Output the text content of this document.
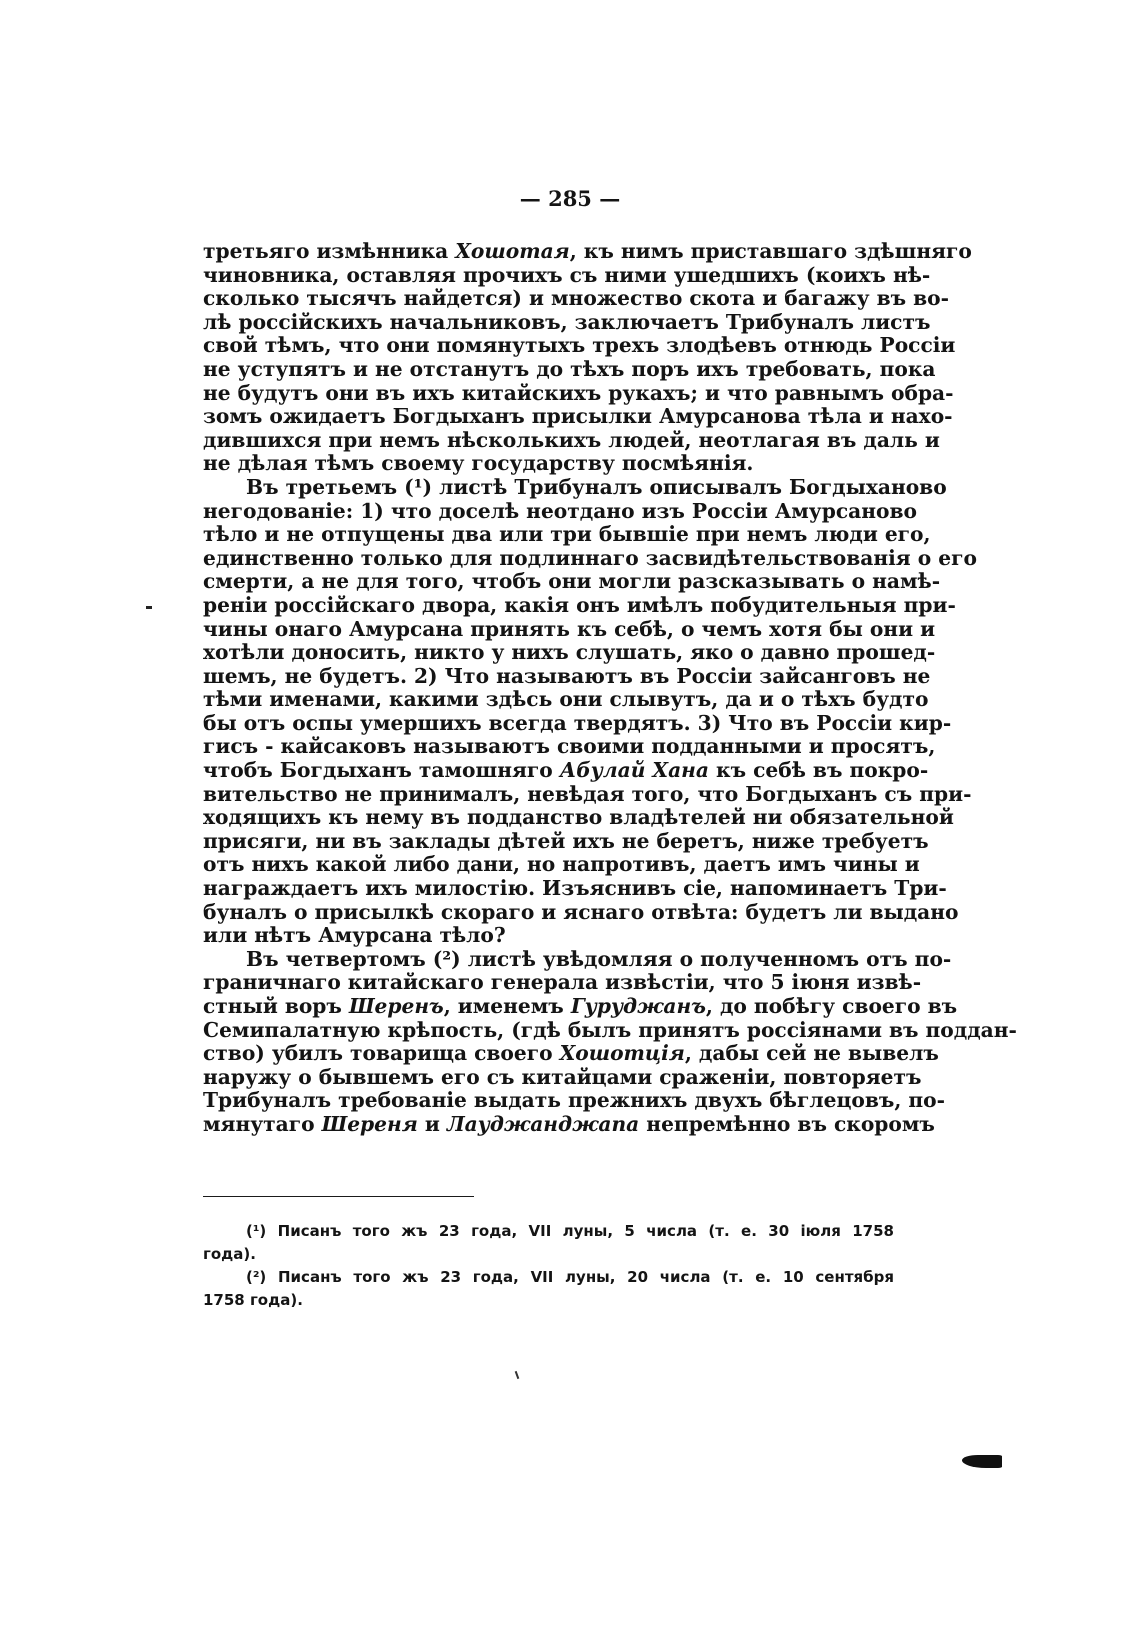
— 285 —
третьяго измѣнника Хошотая, къ нимъ приставшаго здѣшняго
чиновника, оставляя прочихъ съ ними ушедшихъ (коихъ нѣ-
сколько тысячъ найдется) и множество скота и багажу въ во-
лѣ россійскихъ начальниковъ, заключаетъ Трибуналъ листъ
свой тѣмъ, что они помянутыхъ трехъ злодѣевъ отнюдь Россіи
не уступятъ и не отстанутъ до тѣхъ поръ ихъ требовать, пока
не будутъ они въ ихъ китайскихъ рукахъ; и что равнымъ обра-
зомъ ожидаетъ Богдыханъ присылки Амурсанова тѣла и нахо-
дившихся при немъ нѣсколькихъ людей, неотлагая въ даль и
не дѣлая тѣмъ своему государству посмѣянія.
Въ третьемъ (¹) листѣ Трибуналъ описывалъ Богдыханово
негодованіе: 1) что доселѣ неотдано изъ Россіи Амурсаново
тѣло и не отпущены два или три бывшіе при немъ люди его,
единственно только для подлиннаго засвидѣтельствованія о его
смерти, а не для того, чтобъ они могли разсказывать о намѣ-
реніи россійскаго двора, какія онъ имѣлъ побудительныя при-
чины онаго Амурсана принять къ себѣ, о чемъ хотя бы они и
хотѣли доносить, никто у нихъ слушать, яко о давно прошед-
шемъ, не будетъ. 2) Что называютъ въ Россіи зайсанговъ не
тѣми именами, какими здѣсь они слывутъ, да и о тѣхъ будто
бы отъ оспы умершихъ всегда твердятъ. 3) Что въ Россіи кир-
гисъ - кайсаковъ называютъ своими подданными и просятъ,
чтобъ Богдыханъ тамошняго Абулай Хана къ себѣ въ покро-
вительство не принималъ, невѣдая того, что Богдыханъ съ при-
ходящихъ къ нему въ подданство владѣтелей ни обязательной
присяги, ни въ заклады дѣтей ихъ не беретъ, ниже требуетъ
отъ нихъ какой либо дани, но напротивъ, даетъ имъ чины и
награждаетъ ихъ милостію. Изъяснивъ сіе, напоминаетъ Три-
буналъ о присылкѣ скораго и яснаго отвѣта: будетъ ли выдано
или нѣтъ Амурсана тѣло?
Въ четвертомъ (²) листѣ увѣдомляя о полученномъ отъ по-
граничнаго китайскаго генерала извѣстіи, что 5 іюня извѣ-
стный воръ Шеренъ, именемъ Гуруджанъ, до побѣгу своего въ
Семипалатную крѣпость, (гдѣ былъ принятъ россіянами въ поддан-
ство) убилъ товарища своего Хошотція, дабы сей не вывелъ
наружу о бывшемъ его съ китайцами сраженіи, повторяетъ
Трибуналъ требованіе выдать прежнихъ двухъ бѣглецовъ, по-
мянутаго Шереня и Лауджанджапа непремѣнно въ скоромъ
(¹) Писанъ того жъ 23 года, VII луны, 5 числа (т. е. 30 іюля 1758
года).
(²) Писанъ того жъ 23 года, VII луны, 20 числа (т. е. 10 сентября
1758 года).
